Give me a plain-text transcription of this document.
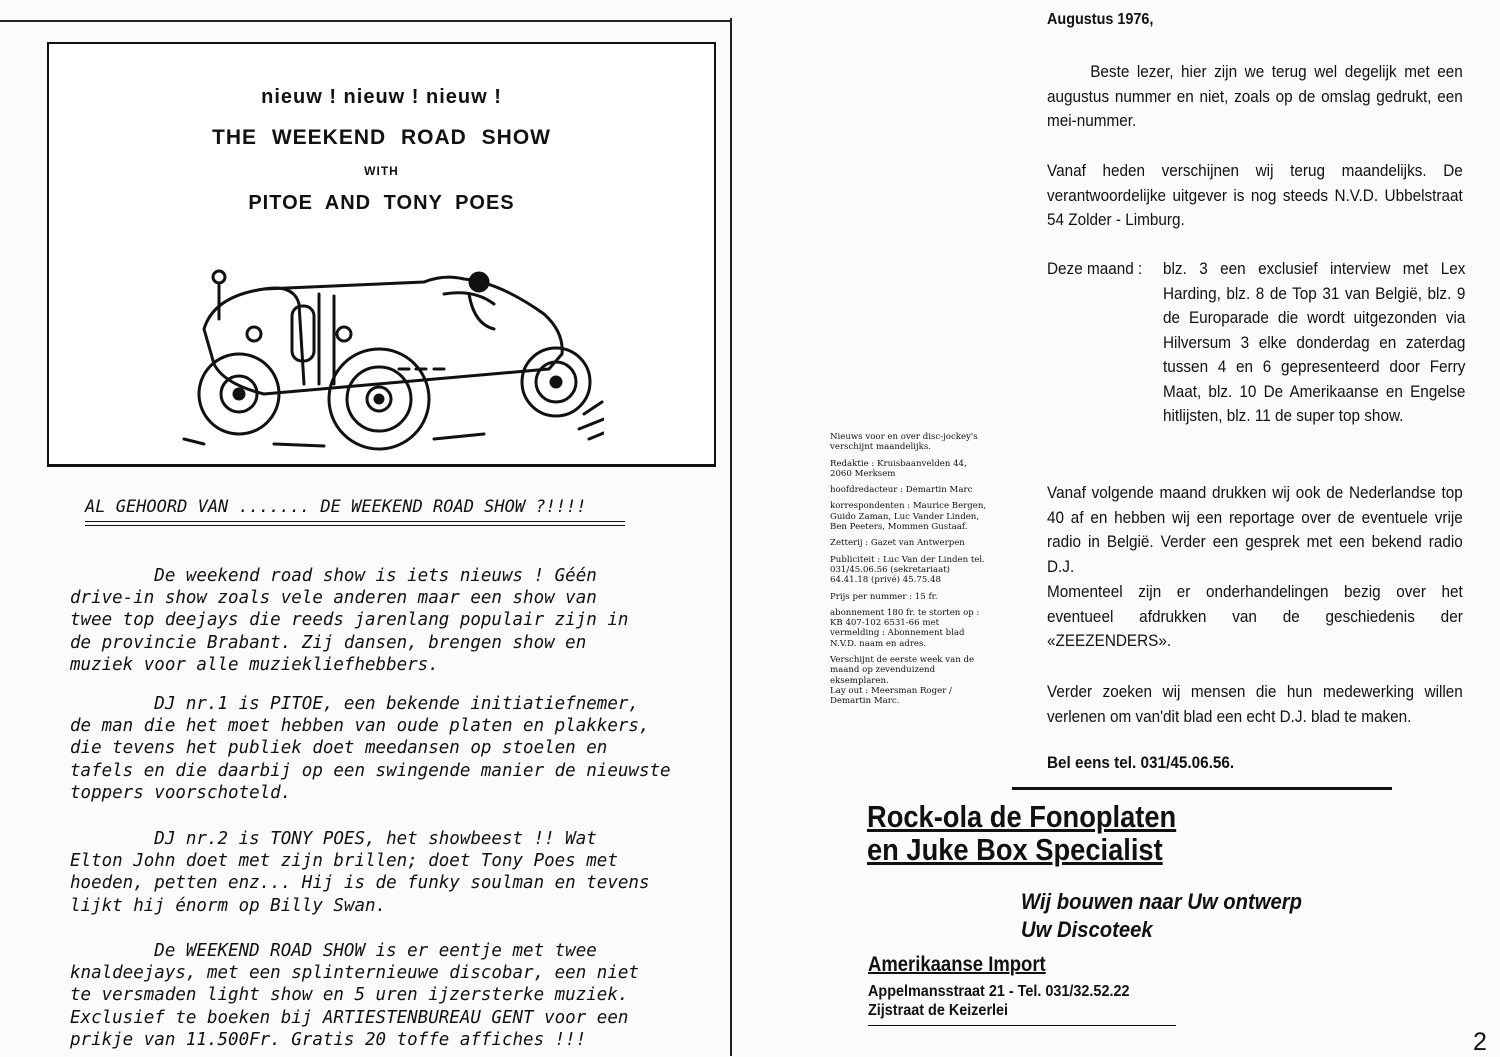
nieuw ! nieuw ! nieuw !
THE WEEKEND ROAD SHOW
WITH
PITOE AND TONY POES
AL GEHOORD VAN ....... DE WEEKEND ROAD SHOW ?!!!!
De weekend road show is iets nieuws ! Géén
drive-in show zoals vele anderen maar een show van
twee top deejays die reeds jarenlang populair zijn in
de provincie Brabant. Zij dansen, brengen show en
muziek voor alle muziekliefhebbers.
DJ nr.1 is PITOE, een bekende initiatiefnemer,
de man die het moet hebben van oude platen en plakkers,
die tevens het publiek doet meedansen op stoelen en
tafels en die daarbij op een swingende manier de nieuwste
toppers voorschoteld.
DJ nr.2 is TONY POES, het showbeest !! Wat
Elton John doet met zijn brillen; doet Tony Poes met
hoeden, petten enz... Hij is de funky soulman en tevens
lijkt hij énorm op Billy Swan.
De WEEKEND ROAD SHOW is er eentje met twee
knaldeejays, met een splinternieuwe discobar, een niet
te versmaden light show en 5 uren ijzersterke muziek.
Exclusief te boeken bij ARTIESTENBUREAU GENT voor een
prikje van 11.500Fr. Gratis 20 toffe affiches !!!
Augustus 1976,
Beste lezer, hier zijn we terug wel degelijk met een augustus nummer en niet, zoals op de omslag gedrukt, een mei-nummer.
Vanaf heden verschijnen wij terug maandelijks. De verantwoordelijke uitgever is nog steeds N.V.D. Ubbelstraat 54 Zolder - Limburg.
Deze maand : blz. 3 een exclusief interview met Lex Harding, blz. 8 de Top 31 van België, blz. 9 de Europarade die wordt uitgezonden via Hilversum 3 elke donderdag en zaterdag tussen 4 en 6 gepresenteerd door Ferry Maat, blz. 10 De Amerikaanse en Engelse hitlijsten, blz. 11 de super top show.
Vanaf volgende maand drukken wij ook de Nederlandse top 40 af en hebben wij een reportage over de eventuele vrije radio in België. Verder een gesprek met een bekend radio D.J.
Momenteel zijn er onderhandelingen bezig over het eventueel afdrukken van de geschiedenis der «ZEEZENDERS».
Verder zoeken wij mensen die hun medewerking willen verlenen om van'dit blad een echt D.J. blad te maken.
Bel eens tel. 031/45.06.56.

Nieuws voor en over disc-jockey's verschijnt maandelijks.

Redaktie : Kruisbaanvelden 44, 2060 Merksem

hoofdredacteur : Demartin Marc

korrespondenten : Maurice Bergen, Guido Zaman, Luc Vander Linden, Ben Peeters, Mommen Gustaaf.

Zetterij : Gazet van Antwerpen

Publiciteit : Luc Van der Linden tel. 031/45.06.56 (sekretariaat) 64.41.18 (privé) 45.75.48

Prijs per nummer : 15 fr.

abonnement 180 fr. te storten op : KB 407-102 6531-66 met vermelding : Abonnement blad N.V.D. naam en adres.

Verschijnt de eerste week van de maand op zevenduizend eksemplaren.
Lay out : Meersman Roger / Demartin Marc.

Rock-ola de Fonoplaten
en Juke Box Specialist
Wij bouwen naar Uw ontwerp
Uw Discoteek
Amerikaanse Import
Appelmansstraat 21 - Tel. 031/32.52.22
Zijstraat de Keizerlei
2
